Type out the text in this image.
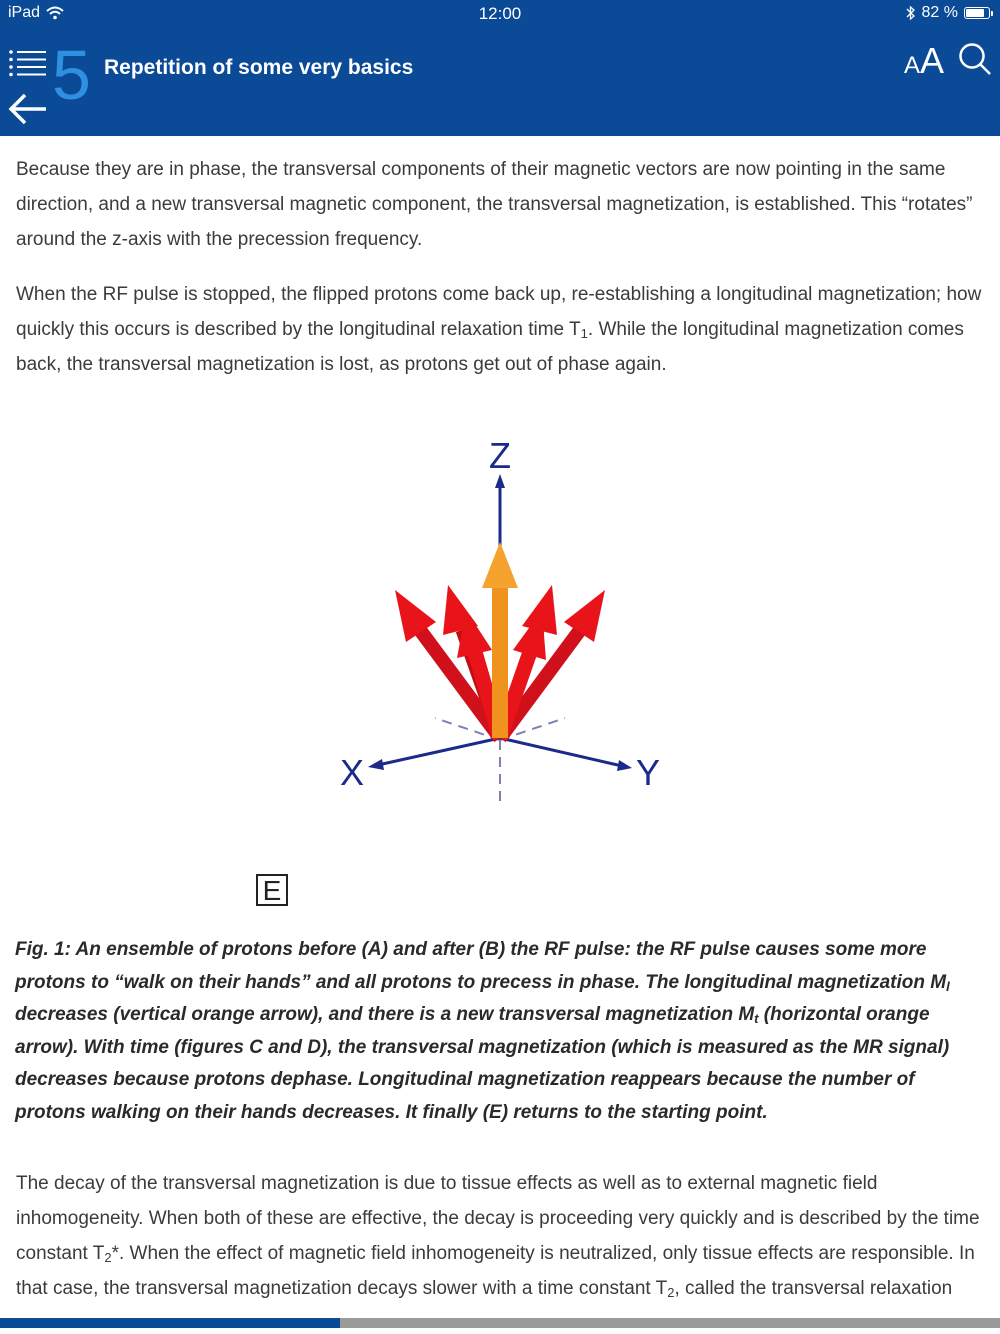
iPad	12:00	82 %
5 Repetition of some very basics	AA

Because they are in phase, the transversal components of their magnetic vectors are now pointing in the same direction, and a new transversal magnetic component, the transversal magnetization, is established. This “rotates” around the z-axis with the precession frequency.

When the RF pulse is stopped, the flipped protons come back up, re-establishing a longitudinal magnetization; how quickly this occurs is described by the longitudinal relaxation time $T_1$. While the longitudinal magnetization comes back, the transversal magnetization is lost, as protons get out of phase again.

Z
X	Y
E
Fig. 1: An ensemble of protons before (A) and after (B) the RF pulse: the RF pulse causes some more protons to “walk on their hands” and all protons to precess in phase. The longitudinal magnetization $M_l$ decreases (vertical orange arrow), and there is a new transversal magnetization $M_t$ (horizontal orange arrow). With time (figures C and D), the transversal magnetization (which is measured as the MR signal) decreases because protons dephase. Longitudinal magnetization reappears because the number of protons walking on their hands decreases. It finally (E) returns to the starting point.
The decay of the transversal magnetization is due to tissue effects as well as to external magnetic field inhomogeneity. When both of these are effective, the decay is proceeding very quickly and is described by the time constant $T_2*$. When the effect of magnetic field inhomogeneity is neutralized, only tissue effects are responsible. In that case, the transversal magnetization decays slower with a time constant $T_2$, called the transversal relaxation
